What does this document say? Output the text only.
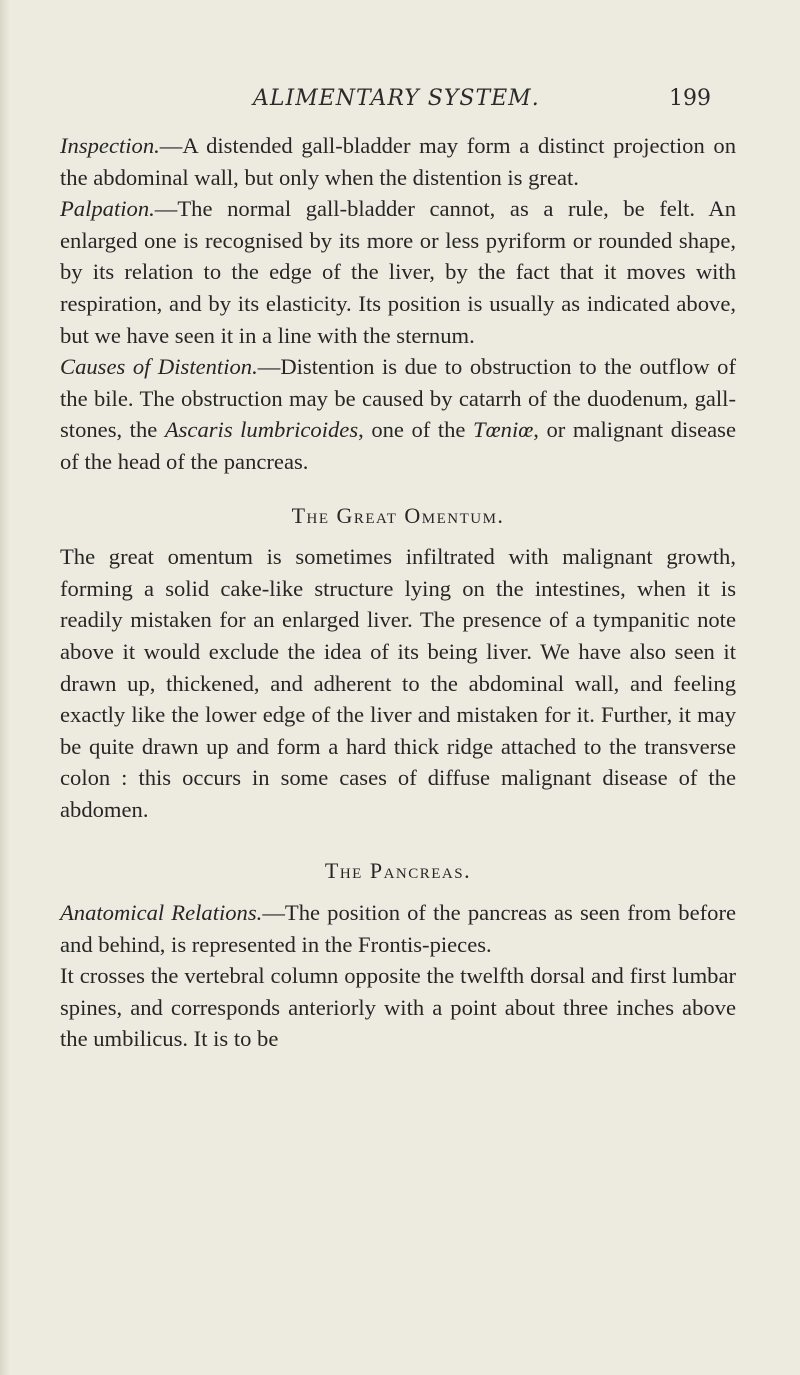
ALIMENTARY SYSTEM.	199

Inspection.—A distended gall-bladder may form a distinct projection on the abdominal wall, but only when the distention is great.

Palpation.—The normal gall-bladder cannot, as a rule, be felt. An enlarged one is recognised by its more or less pyriform or rounded shape, by its relation to the edge of the liver, by the fact that it moves with respiration, and by its elasticity. Its position is usually as indicated above, but we have seen it in a line with the sternum.

Causes of Distention.—Distention is due to obstruction to the outflow of the bile. The obstruction may be caused by catarrh of the duodenum, gall-stones, the Ascaris lumbricoides, one of the Tœniœ, or malignant disease of the head of the pancreas.

The Great Omentum.

The great omentum is sometimes infiltrated with malignant growth, forming a solid cake-like structure lying on the intestines, when it is readily mistaken for an enlarged liver. The presence of a tympanitic note above it would exclude the idea of its being liver. We have also seen it drawn up, thickened, and adherent to the abdominal wall, and feeling exactly like the lower edge of the liver and mistaken for it. Further, it may be quite drawn up and form a hard thick ridge attached to the transverse colon : this occurs in some cases of diffuse malignant disease of the abdomen.

The Pancreas.

Anatomical Relations.—The position of the pancreas as seen from before and behind, is represented in the Frontis-pieces.

It crosses the vertebral column opposite the twelfth dorsal and first lumbar spines, and corresponds anteriorly with a point about three inches above the umbilicus. It is to be
